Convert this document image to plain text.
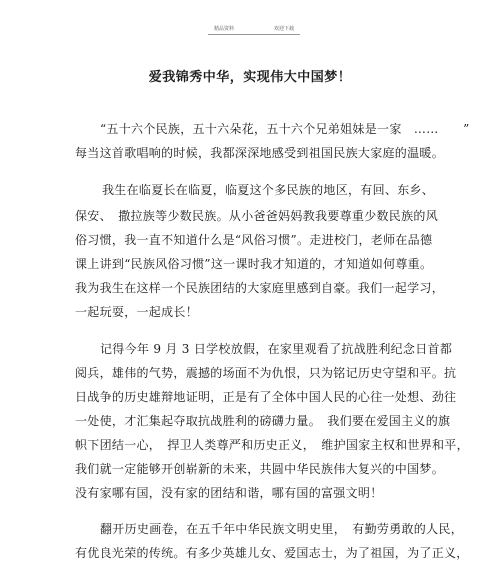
精品资料	欢迎下载
爱我锦秀中华，实现伟大中国梦！
“五十六个民族，五十六朵花，五十六个兄弟姐妹是一家　……　　”
每当这首歌唱响的时候，我都深深地感受到祖国民族大家庭的温暖。
我生在临夏长在临夏，临夏这个多民族的地区，有回、东乡、
保安、　撒拉族等少数民族。从小爸爸妈妈教我要尊重少数民族的风
俗习惯，我一直不知道什么是“风俗习惯”。走进校门，老师在品德
课上讲到“民族风俗习惯”这一课时我才知道的，才知道如何尊重。
我为我生在这样一个民族团结的大家庭里感到自豪。我们一起学习，
一起玩耍，一起成长！
记得今年 9 月 3 日学校放假，在家里观看了抗战胜利纪念日首都
阅兵，雄伟的气势，震撼的场面不为仇恨，只为铭记历史守望和平。抗
日战争的历史雄辩地证明，正是有了全体中国人民的心往一处想、劲往
一处使，才汇集起夺取抗战胜利的磅礴力量。　我们要在爱国主义的旗
帜下团结一心，　捍卫人类尊严和历史正义，　维护国家主权和世界和平，
我们就一定能够开创崭新的未来，共圆中华民族伟大复兴的中国梦。
没有家哪有国，没有家的团结和谐，哪有国的富强文明！
翻开历史画卷，在五千年中华民族文明史里，　有勤劳勇敢的人民，
有优良光荣的传统。有多少英雄儿女、爱国志士，为了祖国，为了正义，
